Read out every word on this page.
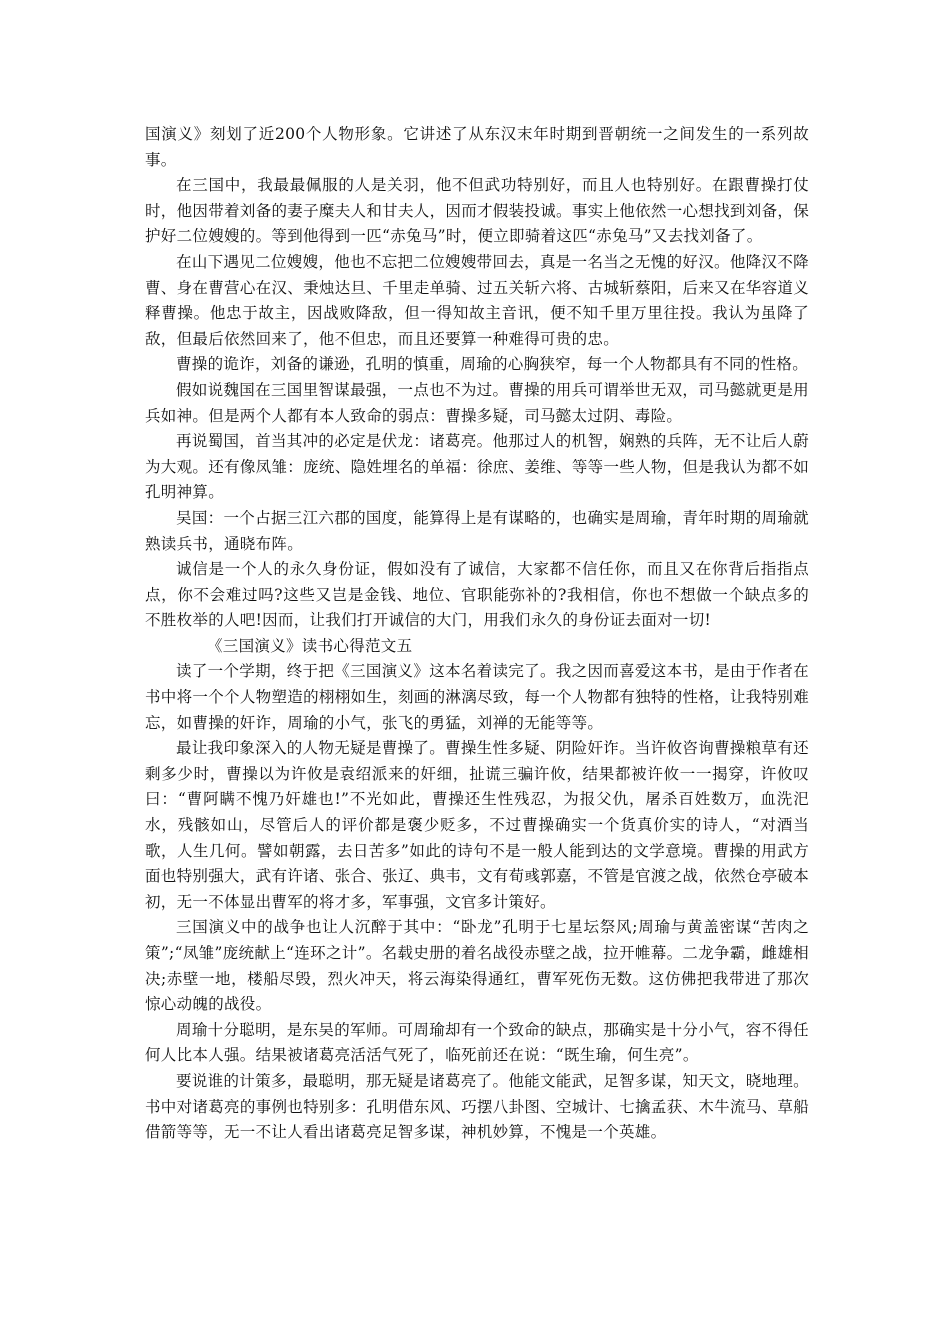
国演义》刻划了近200个人物形象。它讲述了从东汉末年时期到晋朝统一之间发生的一系列故事。

在三国中，我最最佩服的人是关羽，他不但武功特别好，而且人也特别好。在跟曹操打仗时，他因带着刘备的妻子糜夫人和甘夫人，因而才假装投诚。事实上他依然一心想找到刘备，保护好二位嫂嫂的。等到他得到一匹“赤兔马”时，便立即骑着这匹“赤兔马”又去找刘备了。

在山下遇见二位嫂嫂，他也不忘把二位嫂嫂带回去，真是一名当之无愧的好汉。他降汉不降曹、身在曹营心在汉、秉烛达旦、千里走单骑、过五关斩六将、古城斩蔡阳，后来又在华容道义释曹操。他忠于故主，因战败降敌，但一得知故主音讯，便不知千里万里往投。我认为虽降了敌，但最后依然回来了，他不但忠，而且还要算一种难得可贵的忠。

曹操的诡诈，刘备的谦逊，孔明的慎重，周瑜的心胸狭窄，每一个人物都具有不同的性格。

假如说魏国在三国里智谋最强，一点也不为过。曹操的用兵可谓举世无双，司马懿就更是用兵如神。但是两个人都有本人致命的弱点：曹操多疑，司马懿太过阴、毒险。

再说蜀国，首当其冲的必定是伏龙：诸葛亮。他那过人的机智，娴熟的兵阵，无不让后人蔚为大观。还有像凤雏：庞统、隐姓埋名的单福：徐庶、姜维、等等一些人物，但是我认为都不如孔明神算。

吴国：一个占据三江六郡的国度，能算得上是有谋略的，也确实是周瑜，青年时期的周瑜就熟读兵书，通晓布阵。

诚信是一个人的永久身份证，假如没有了诚信，大家都不信任你，而且又在你背后指指点点，你不会难过吗?这些又岂是金钱、地位、官职能弥补的?我相信，你也不想做一个缺点多的不胜枚举的人吧!因而，让我们打开诚信的大门，用我们永久的身份证去面对一切!

《三国演义》读书心得范文五

读了一个学期，终于把《三国演义》这本名着读完了。我之因而喜爱这本书，是由于作者在书中将一个个人物塑造的栩栩如生，刻画的淋漓尽致，每一个人物都有独特的性格，让我特别难忘，如曹操的奸诈，周瑜的小气，张飞的勇猛，刘禅的无能等等。

最让我印象深入的人物无疑是曹操了。曹操生性多疑、阴险奸诈。当许攸咨询曹操粮草有还剩多少时，曹操以为许攸是袁绍派来的奸细，扯谎三骗许攸，结果都被许攸一一揭穿，许攸叹曰：“曹阿瞒不愧乃奸雄也!”不光如此，曹操还生性残忍，为报父仇，屠杀百姓数万，血洗汜水，残骸如山，尽管后人的评价都是褒少贬多，不过曹操确实一个货真价实的诗人，“对酒当歌，人生几何。譬如朝露，去日苦多”如此的诗句不是一般人能到达的文学意境。曹操的用武方面也特别强大，武有许诸、张合、张辽、典韦，文有荀彧郭嘉，不管是官渡之战，依然仓亭破本初，无一不体显出曹军的将才多，军事强，文官多计策好。

三国演义中的战争也让人沉醉于其中：“卧龙”孔明于七星坛祭风;周瑜与黄盖密谋“苦肉之策”;“凤雏”庞统献上“连环之计”。名载史册的着名战役赤壁之战，拉开帷幕。二龙争霸，雌雄相决;赤壁一地，楼船尽毁，烈火冲天，将云海染得通红，曹军死伤无数。这仿佛把我带进了那次惊心动魄的战役。

周瑜十分聪明，是东吴的军师。可周瑜却有一个致命的缺点，那确实是十分小气，容不得任何人比本人强。结果被诸葛亮活活气死了，临死前还在说：“既生瑜，何生亮”。

要说谁的计策多，最聪明，那无疑是诸葛亮了。他能文能武，足智多谋，知天文，晓地理。书中对诸葛亮的事例也特别多：孔明借东风、巧摆八卦图、空城计、七擒孟获、木牛流马、草船借箭等等，无一不让人看出诸葛亮足智多谋，神机妙算，不愧是一个英雄。
